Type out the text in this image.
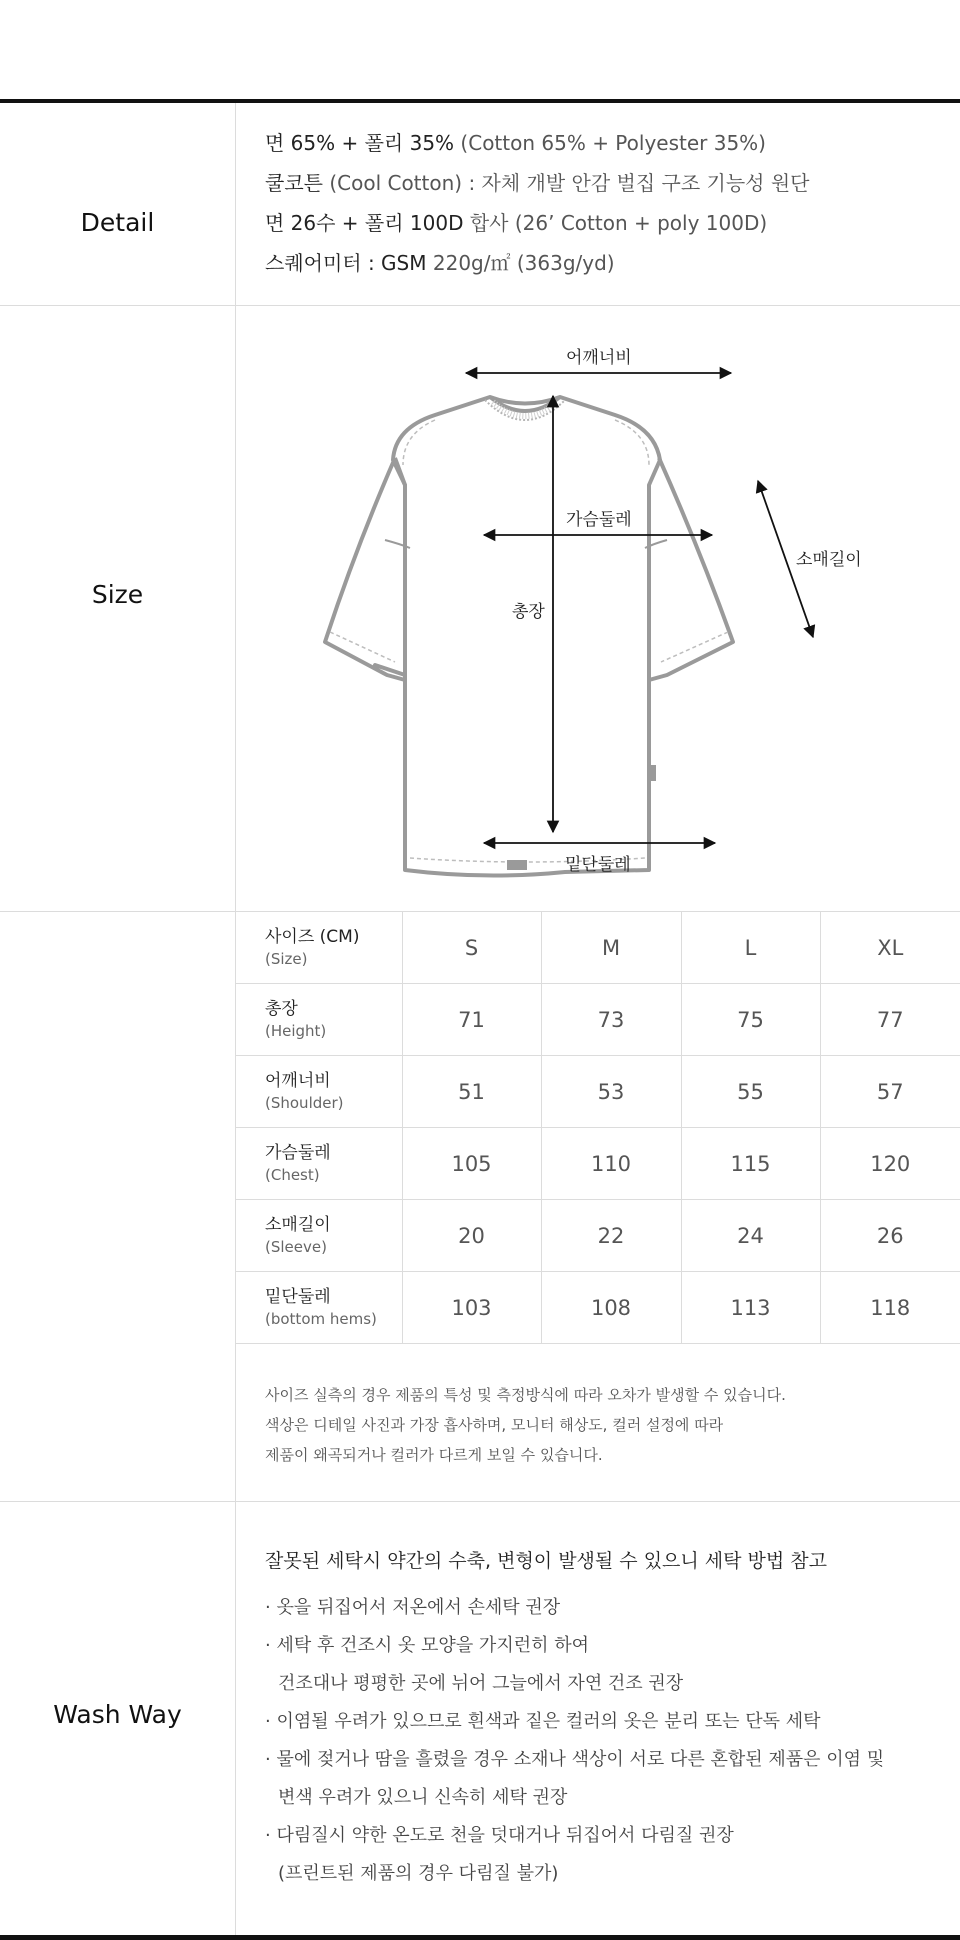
Detail
면 65% + 폴리 35% (Cotton 65% + Polyester 35%)
쿨코튼 (Cool Cotton) : 자체 개발 안감 벌집 구조 기능성 원단
면 26수 + 폴리 100D 합사 (26’ Cotton + poly 100D)
스퀘어미터 : GSM 220g/㎡ (363g/yd)
Size
어깨너비
가슴둘레
총장
소매길이
밑단둘레
사이즈 (CM)
(Size)	S	M	L	XL

총장
(Height)	71	73	75	77

어깨너비
(Shoulder)	51	53	55	57

가슴둘레
(Chest)	105	110	115	120

소매길이
(Sleeve)	20	22	24	26

밑단둘레
(bottom hems)	103	108	113	118
사이즈 실측의 경우 제품의 특성 및 측정방식에 따라 오차가 발생할 수 있습니다.
색상은 디테일 사진과 가장 흡사하며, 모니터 해상도, 컬러 설정에 따라
제품이 왜곡되거나 컬러가 다르게 보일 수 있습니다.
Wash Way
잘못된 세탁시 약간의 수축, 변형이 발생될 수 있으니 세탁 방법 참고
· 옷을 뒤집어서 저온에서 손세탁 권장
· 세탁 후 건조시 옷 모양을 가지런히 하여
건조대나 평평한 곳에 뉘어 그늘에서 자연 건조 권장
· 이염될 우려가 있으므로 흰색과 짙은 컬러의 옷은 분리 또는 단독 세탁
· 물에 젖거나 땀을 흘렸을 경우 소재나 색상이 서로 다른 혼합된 제품은 이염 및
변색 우려가 있으니 신속히 세탁 권장
· 다림질시 약한 온도로 천을 덧대거나 뒤집어서 다림질 권장
(프린트된 제품의 경우 다림질 불가)
